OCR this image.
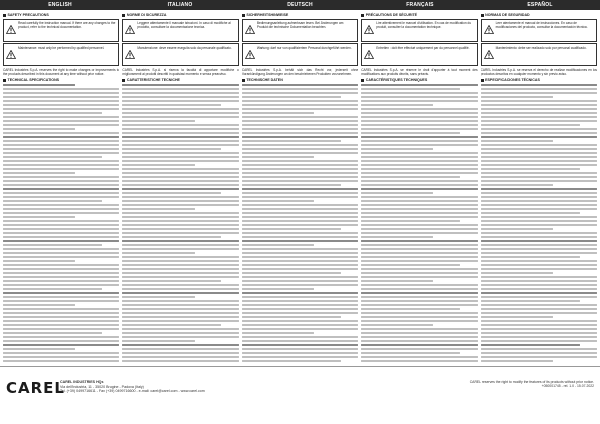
ENGLISH	ITALIANO	DEUTSCH	FRANÇAIS	ESPAÑOL
SAFETY PRECAUTIONS
Read carefully the instruction manual. If there are any changes to the product, refer to the technical documentation.
Maintenance: must only be performed by qualified personnel.
CAREL Industries S.p.A. reserves the right to make changes or improvements to the products described in this document at any time without prior notice.
TECHNICAL SPECIFICATIONS
NORME DI SICUREZZA
Leggere attentamente il manuale istruzioni. In caso di modifiche al prodotto, consultare la documentazione tecnica.
Manutenzione: deve essere eseguita solo da personale qualificato.
CAREL Industries S.p.A. si riserva la facoltà di apportare modifiche o miglioramenti ai prodotti descritti in qualsiasi momento e senza preavviso.
CARATTERISTICHE TECNICHE
SICHERHEITSHINWEISE
Bedienungsanleitung aufmerksam lesen. Bei Änderungen am Produkt die technische Dokumentation beachten.
Wartung: darf nur von qualifiziertem Personal durchgeführt werden.
CAREL Industries S.p.A. behält sich das Recht vor, jederzeit ohne Vorankündigung Änderungen an den beschriebenen Produkten vorzunehmen.
TECHNISCHE DATEN
PRÉCAUTIONS DE SÉCURITÉ
Lire attentivement le manuel d'utilisation. En cas de modification du produit, consulter la documentation technique.
Entretien : doit être effectué uniquement par du personnel qualifié.
CAREL Industries S.p.A. se réserve le droit d'apporter à tout moment des modifications aux produits décrits, sans préavis.
CARACTÉRISTIQUES TECHNIQUES
NORMAS DE SEGURIDAD
Leer atentamente el manual de instrucciones. En caso de modificaciones del producto, consultar la documentación técnica.
Mantenimiento: debe ser realizado solo por personal cualificado.
CAREL Industries S.p.A. se reserva el derecho de realizar modificaciones en los productos descritos en cualquier momento y sin previo aviso.
ESPECIFICACIONES TÉCNICAS
CAREL
CAREL INDUSTRIES HQs
Via dell'Industria, 11 - 35020 Brugine - Padova (Italy)
Tel. (+39) 0499716611 - Fax (+39) 0499716600 - e-mail: carel@carel.com - www.carel.com
CAREL reserves the right to modify the features of its products without prior notice.
+050001745 - rel. 1.0 - 15.07.2022
